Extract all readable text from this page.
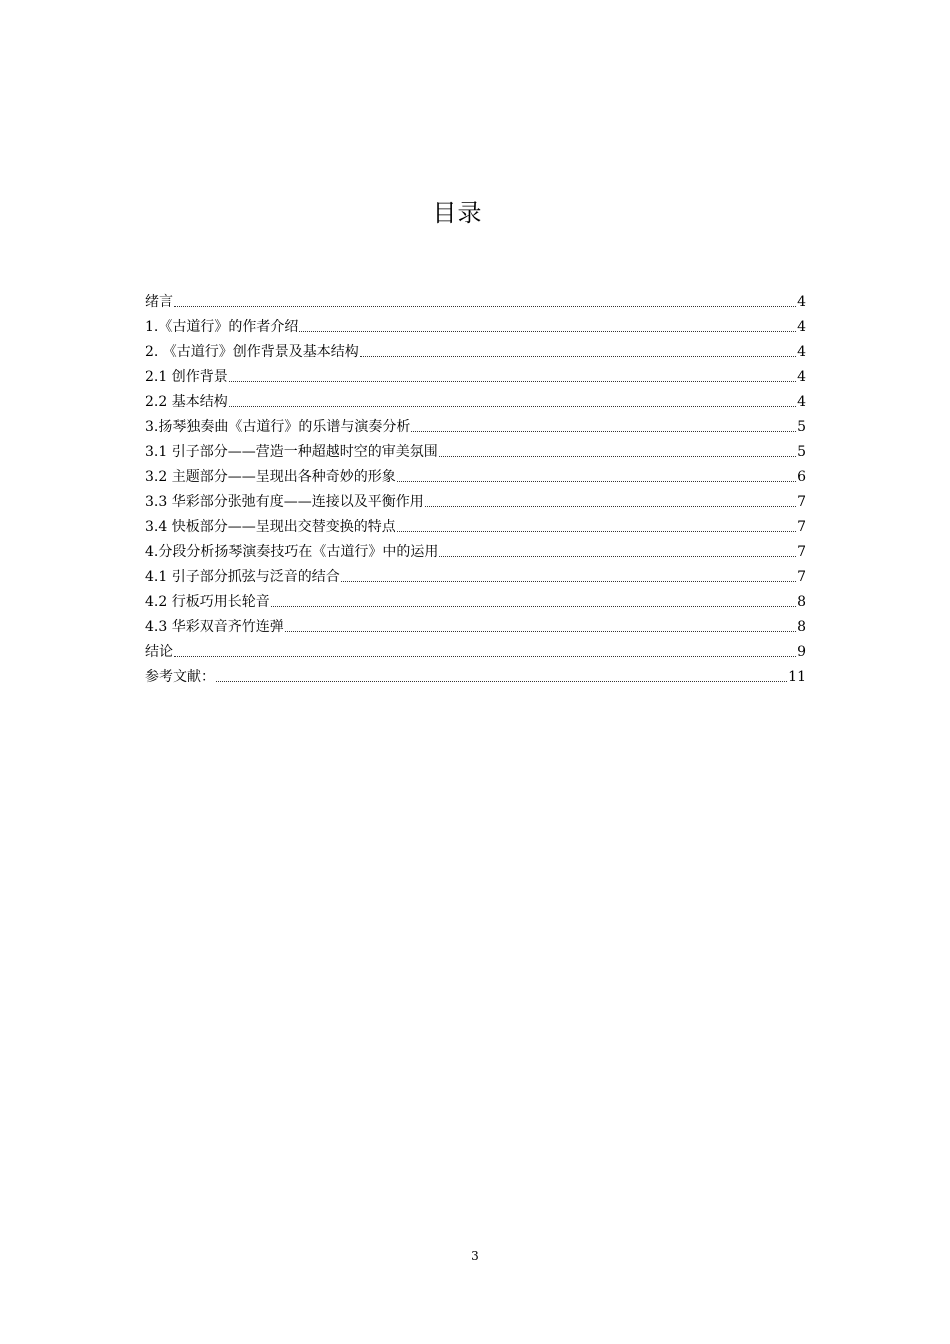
目录
绪言	4
1.《古道行》的作者介绍	4
2. 《古道行》创作背景及基本结构	4
2.1 创作背景	4
2.2 基本结构	4
3.扬琴独奏曲《古道行》的乐谱与演奏分析	5
3.1 引子部分——营造一种超越时空的审美氛围	5
3.2 主题部分——呈现出各种奇妙的形象	6
3.3 华彩部分张弛有度——连接以及平衡作用	7
3.4 快板部分——呈现出交替变换的特点	7
4.分段分析扬琴演奏技巧在《古道行》中的运用	7
4.1 引子部分抓弦与泛音的结合	7
4.2 行板巧用长轮音	8
4.3 华彩双音齐竹连弹	8
结论	9
参考文献：	11
3
